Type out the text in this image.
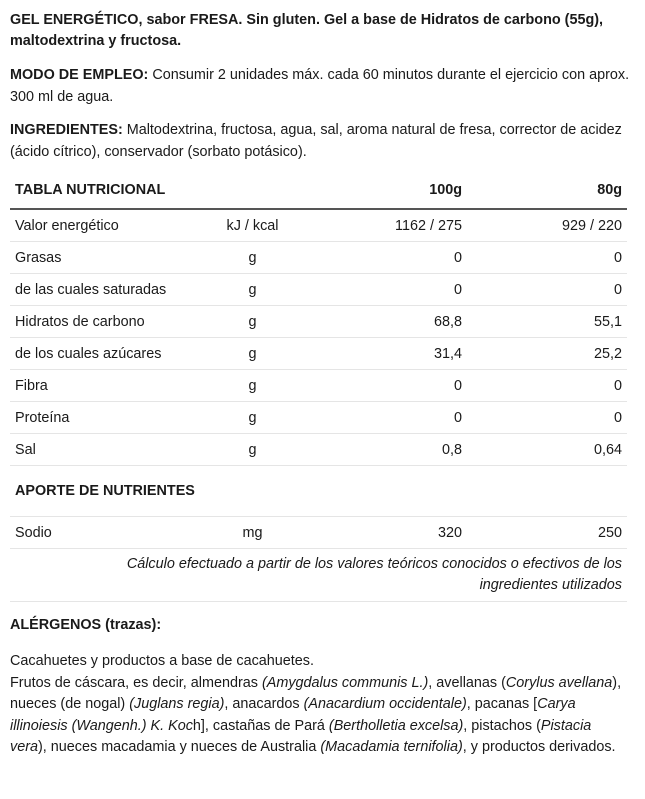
GEL ENERGÉTICO, sabor FRESA. Sin gluten. Gel a base de Hidratos de carbono (55g), maltodextrina y fructosa.
MODO DE EMPLEO: Consumir 2 unidades máx. cada 60 minutos durante el ejercicio con aprox. 300 ml de agua.
INGREDIENTES: Maltodextrina, fructosa, agua, sal, aroma natural de fresa, corrector de acidez (ácido cítrico), conservador (sorbato potásico).
TABLA NUTRICIONAL		100g	80g
Valor energético	kJ / kcal	1162 / 275	929 / 220
Grasas	g	0	0
de las cuales saturadas	g	0	0
Hidratos de carbono	g	68,8	55,1
de los cuales azúcares	g	31,4	25,2
Fibra	g	0	0
Proteína	g	0	0
Sal	g	0,8	0,64
APORTE DE NUTRIENTES			
Sodio	mg	320	250
Cálculo efectuado a partir de los valores teóricos conocidos o efectivos de los ingredientes utilizados			
ALÉRGENOS (trazas):
Cacahuetes y productos a base de cacahuetes.
Frutos de cáscara, es decir, almendras (Amygdalus communis L.), avellanas (Corylus avellana), nueces (de nogal) (Juglans regia), anacardos (Anacardium occidentale), pacanas [Carya illinoiesis (Wangenh.) K. Koch], castañas de Pará (Bertholletia excelsa), pistachos (Pistacia vera), nueces macadamia y nueces de Australia (Macadamia ternifolia), y productos derivados.
